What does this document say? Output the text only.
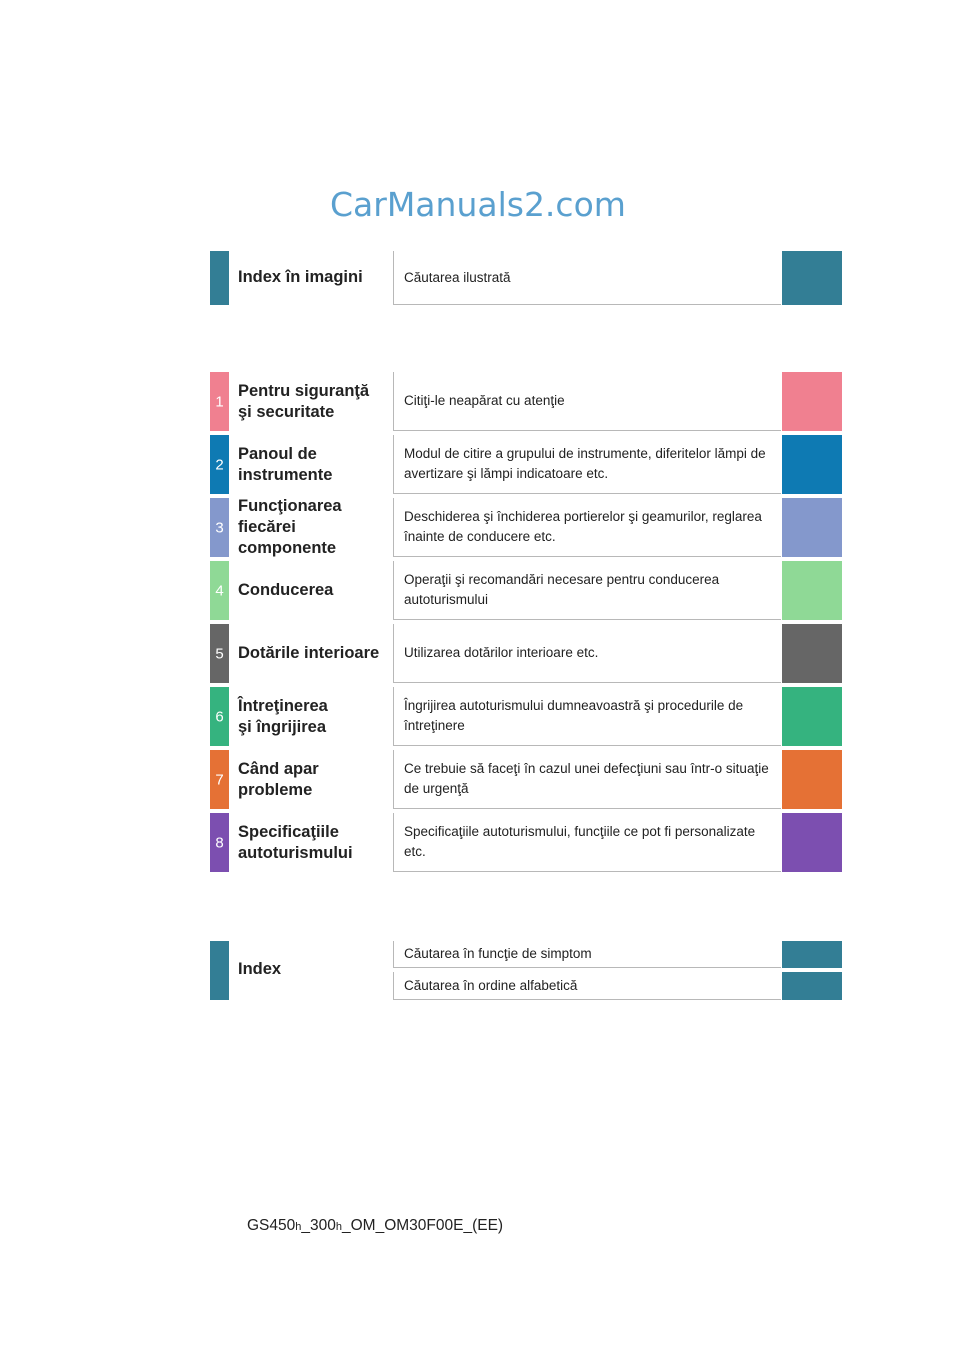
CarManuals2.com
Index în imagini	Căutarea ilustrată
1
Pentru siguranţă
şi securitate
Citiţi-le neapărat cu atenţie
2
Panoul de
instrumente
Modul de citire a grupului de instrumente, diferitelor lămpi de avertizare şi lămpi indicatoare etc.
3
Funcţionarea
fiecărei
componente
Deschiderea şi închiderea portierelor şi geamurilor, reglarea înainte de conducere etc.
4 Conducerea
Operaţii şi recomandări necesare pentru conducerea autoturismului
5 Dotările interioare	Utilizarea dotărilor interioare etc.
6
Întreţinerea
şi îngrijirea
Îngrijirea autoturismului dumneavoastră şi procedurile de întreţinere
7
Când apar
probleme
Ce trebuie să faceţi în cazul unei defecţiuni sau într-o situaţie de urgenţă
8
Specificaţiile
autoturismului
Specificaţiile autoturismului, funcţiile ce pot fi personalizate etc.
Index
Căutarea în funcţie de simptom
Căutarea în ordine alfabetică
GS450h_300h_OM_OM30F00E_(EE)
